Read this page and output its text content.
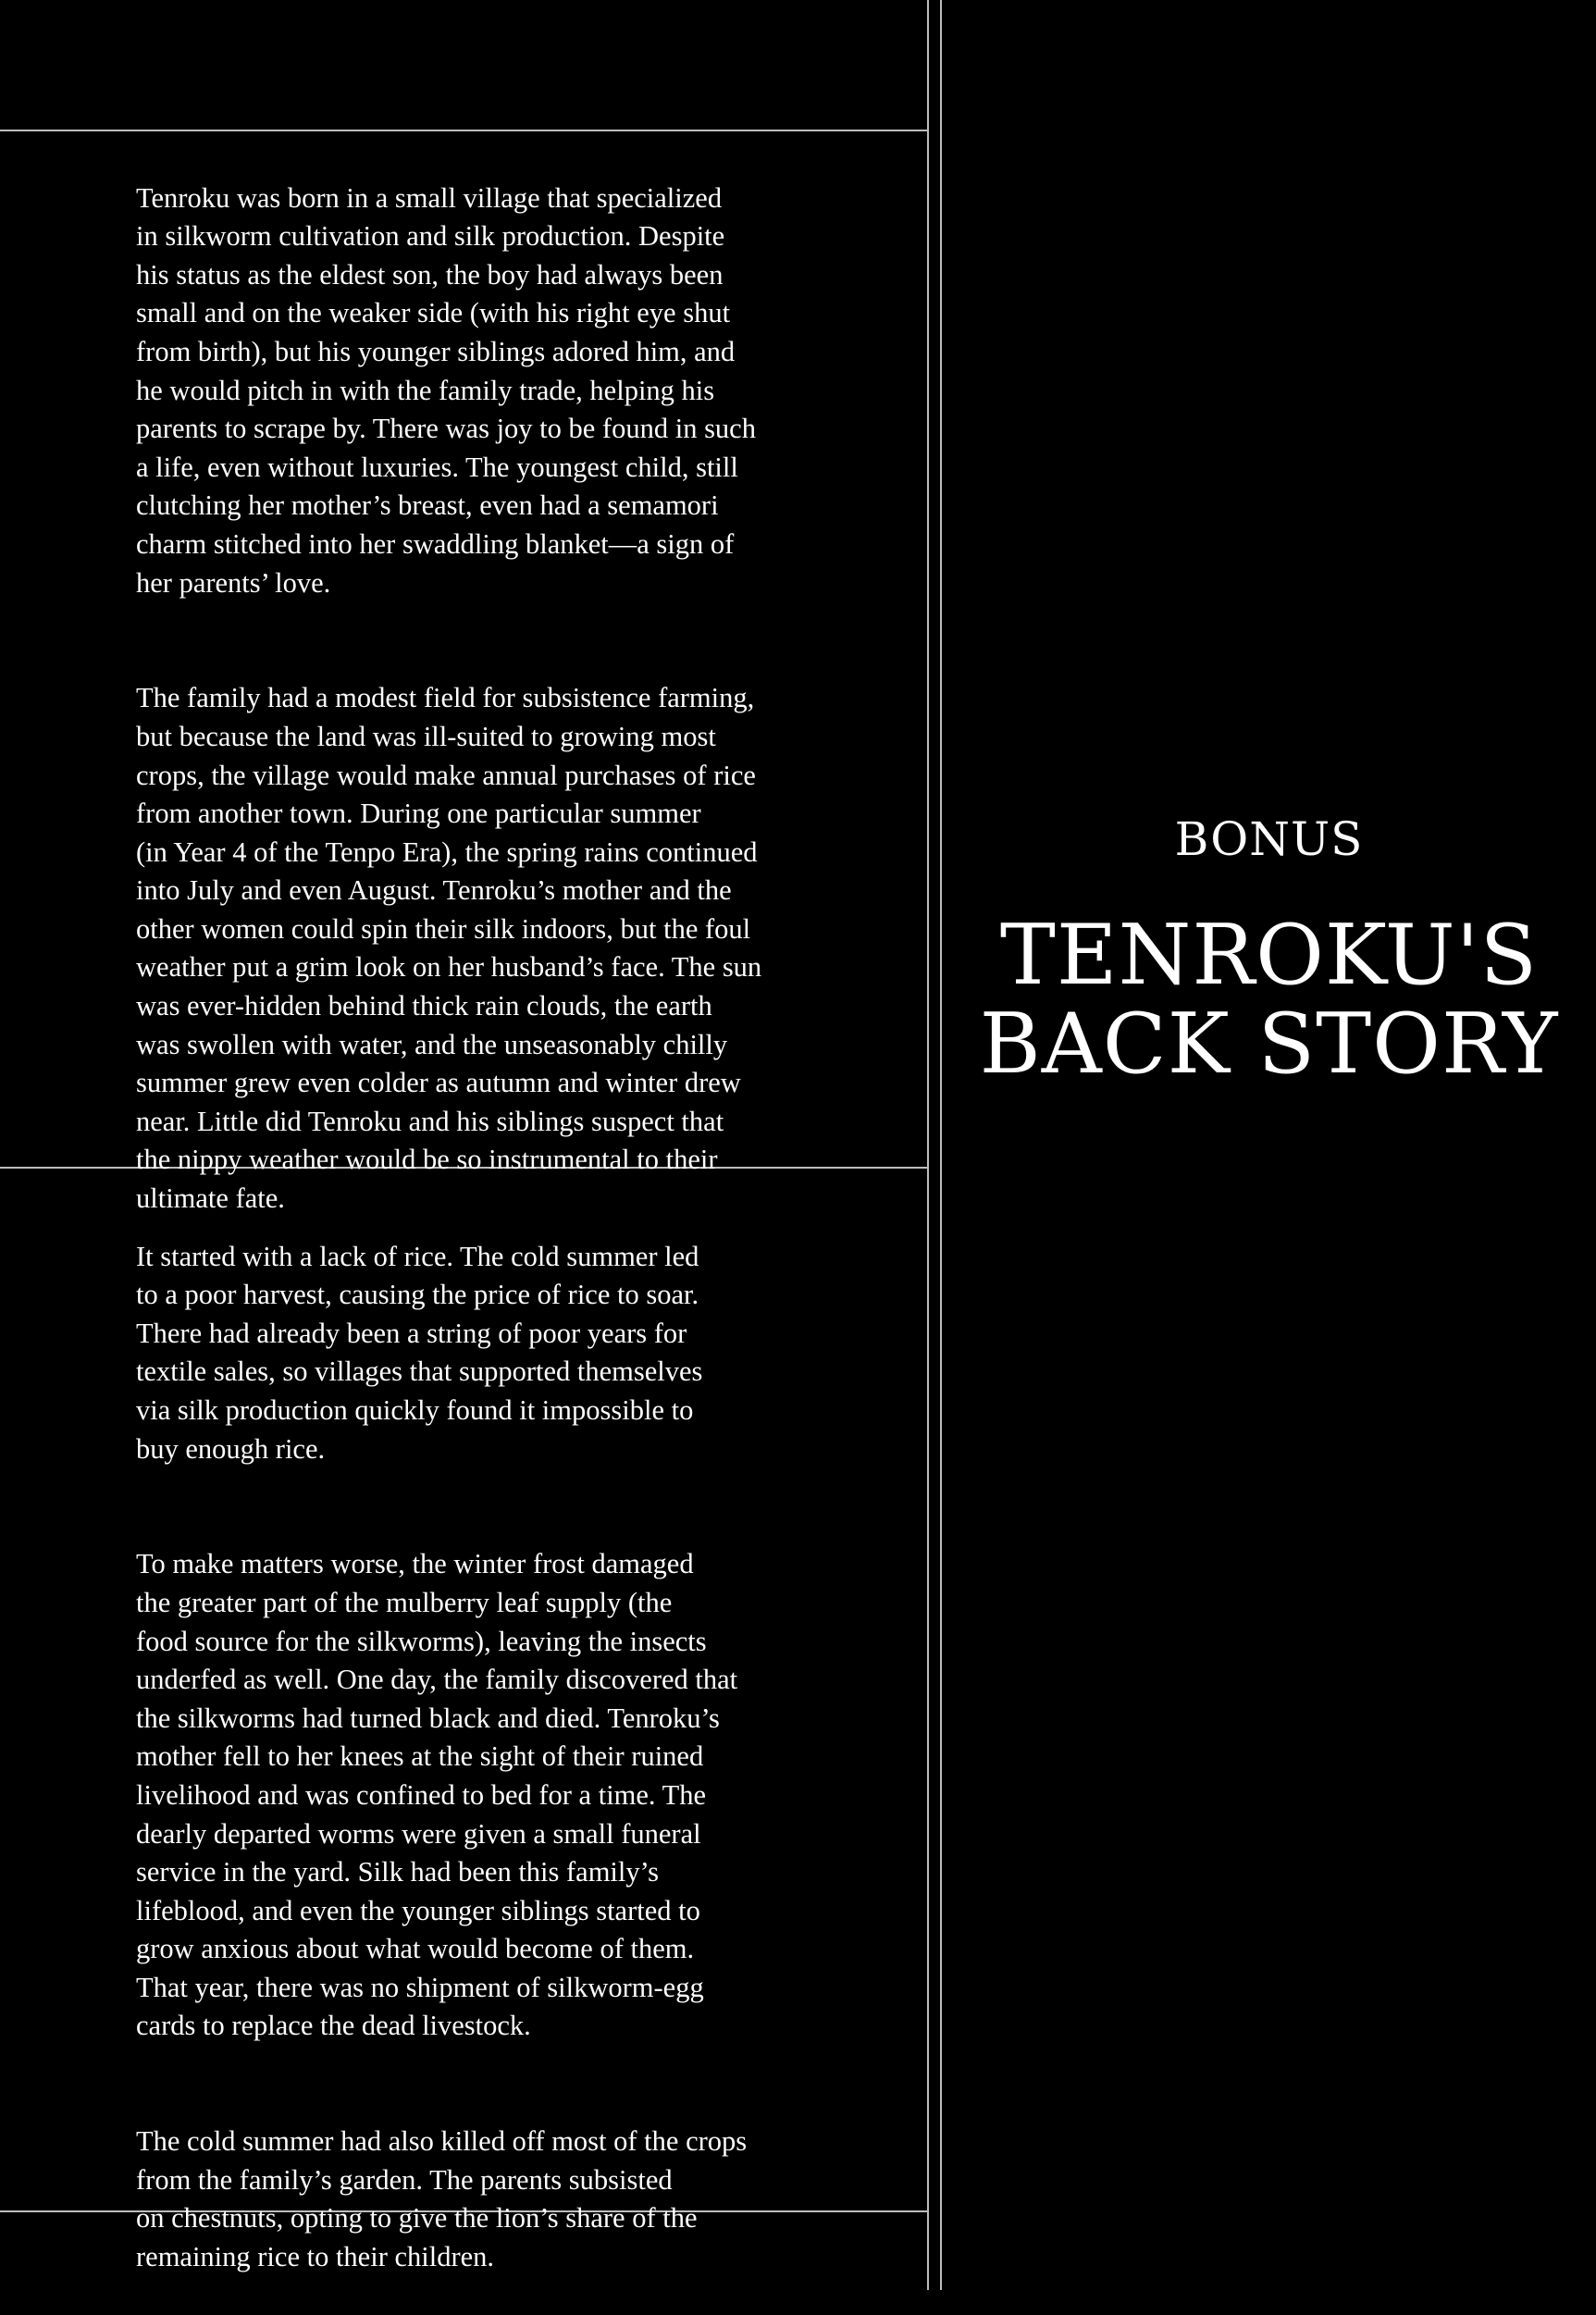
Tenroku was born in a small village that specialized
in silkworm cultivation and silk production. Despite
his status as the eldest son, the boy had always been
small and on the weaker side (with his right eye shut
from birth), but his younger siblings adored him, and
he would pitch in with the family trade, helping his
parents to scrape by. There was joy to be found in such
a life, even without luxuries. The youngest child, still
clutching her mother’s breast, even had a semamori
charm stitched into her swaddling blanket—a sign of
her parents’ love.

The family had a modest field for subsistence farming,
but because the land was ill-suited to growing most
crops, the village would make annual purchases of rice
from another town. During one particular summer
(in Year 4 of the Tenpo Era), the spring rains continued
into July and even August. Tenroku’s mother and the
other women could spin their silk indoors, but the foul
weather put a grim look on her husband’s face. The sun
was ever-hidden behind thick rain clouds, the earth
was swollen with water, and the unseasonably chilly
summer grew even colder as autumn and winter drew
near. Little did Tenroku and his siblings suspect that
the nippy weather would be so instrumental to their
ultimate fate.

It started with a lack of rice. The cold summer led
to a poor harvest, causing the price of rice to soar.
There had already been a string of poor years for
textile sales, so villages that supported themselves
via silk production quickly found it impossible to
buy enough rice.

To make matters worse, the winter frost damaged
the greater part of the mulberry leaf supply (the
food source for the silkworms), leaving the insects
underfed as well. One day, the family discovered that
the silkworms had turned black and died. Tenroku’s
mother fell to her knees at the sight of their ruined
livelihood and was confined to bed for a time. The
dearly departed worms were given a small funeral
service in the yard. Silk had been this family’s
lifeblood, and even the younger siblings started to
grow anxious about what would become of them.
That year, there was no shipment of silkworm-egg
cards to replace the dead livestock.

The cold summer had also killed off most of the crops
from the family’s garden. The parents subsisted
on chestnuts, opting to give the lion’s share of the
remaining rice to their children.

BONUS
TENROKU'S
BACK STORY
